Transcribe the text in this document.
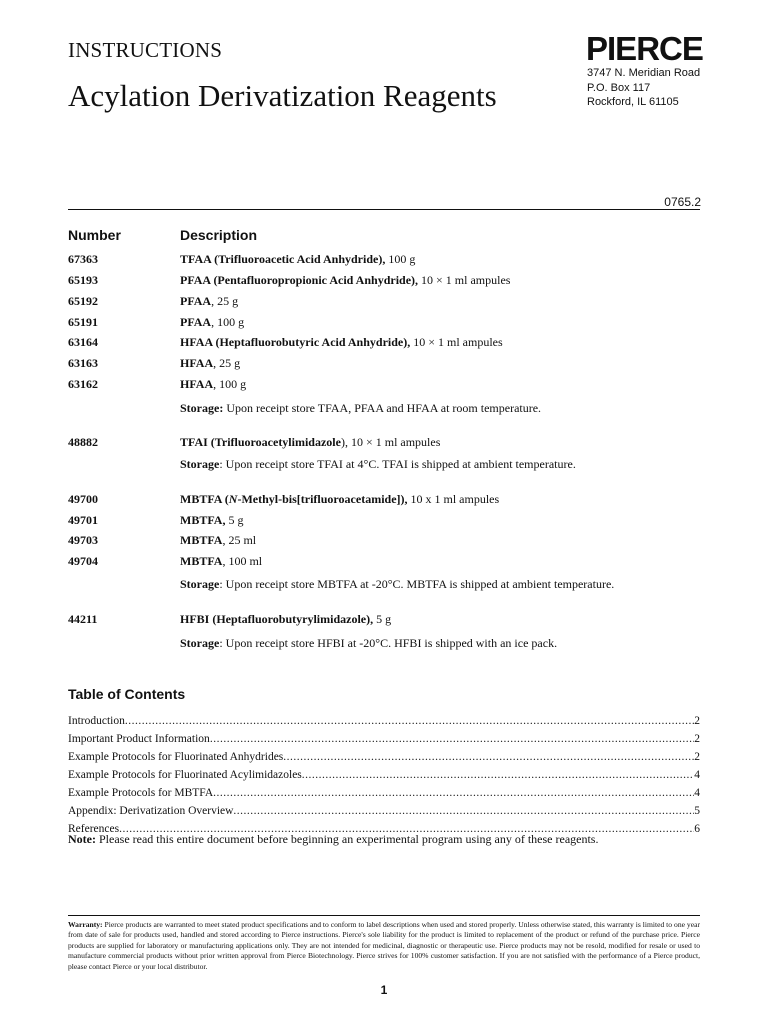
INSTRUCTIONS
Acylation Derivatization Reagents
PIERCE
3747 N. Meridian Road
P.O. Box 117
Rockford, IL 61105
0765.2
Number	Description
67363	TFAA (Trifluoroacetic Acid Anhydride), 100 g
65193	PFAA (Pentafluoropropionic Acid Anhydride), 10 × 1 ml ampules
65192	PFAA, 25 g
65191	PFAA, 100 g
63164	HFAA (Heptafluorobutyric Acid Anhydride), 10 × 1 ml ampules
63163	HFAA, 25 g
63162	HFAA, 100 g
Storage: Upon receipt store TFAA, PFAA and HFAA at room temperature.
48882	TFAI (Trifluoroacetylimidazole), 10 × 1 ml ampules
Storage: Upon receipt store TFAI at 4°C. TFAI is shipped at ambient temperature.
49700	MBTFA (N-Methyl-bis[trifluoroacetamide]), 10 x 1 ml ampules
49701	MBTFA, 5 g
49703	MBTFA, 25 ml
49704	MBTFA, 100 ml
Storage: Upon receipt store MBTFA at -20°C. MBTFA is shipped at ambient temperature.
44211	HFBI (Heptafluorobutyrylimidazole), 5 g
Storage: Upon receipt store HFBI at -20°C. HFBI is shipped with an ice pack.
Table of Contents
Introduction .....	2
Important Product Information .....	2
Example Protocols for Fluorinated Anhydrides .....	2
Example Protocols for Fluorinated Acylimidazoles .....	4
Example Protocols for MBTFA .....	4
Appendix: Derivatization Overview .....	5
References .....	6
Note: Please read this entire document before beginning an experimental program using any of these reagents.
Warranty: Pierce products are warranted to meet stated product specifications and to conform to label descriptions when used and stored properly. Unless otherwise stated, this warranty is limited to one year from date of sale for products used, handled and stored according to Pierce instructions. Pierce's sole liability for the product is limited to replacement of the product or refund of the purchase price. Pierce products are supplied for laboratory or manufacturing applications only. They are not intended for medicinal, diagnostic or therapeutic use. Pierce products may not be resold, modified for resale or used to manufacture commercial products without prior written approval from Pierce Biotechnology. Pierce strives for 100% customer satisfaction. If you are not satisfied with the performance of a Pierce product, please contact Pierce or your local distributor.
1
